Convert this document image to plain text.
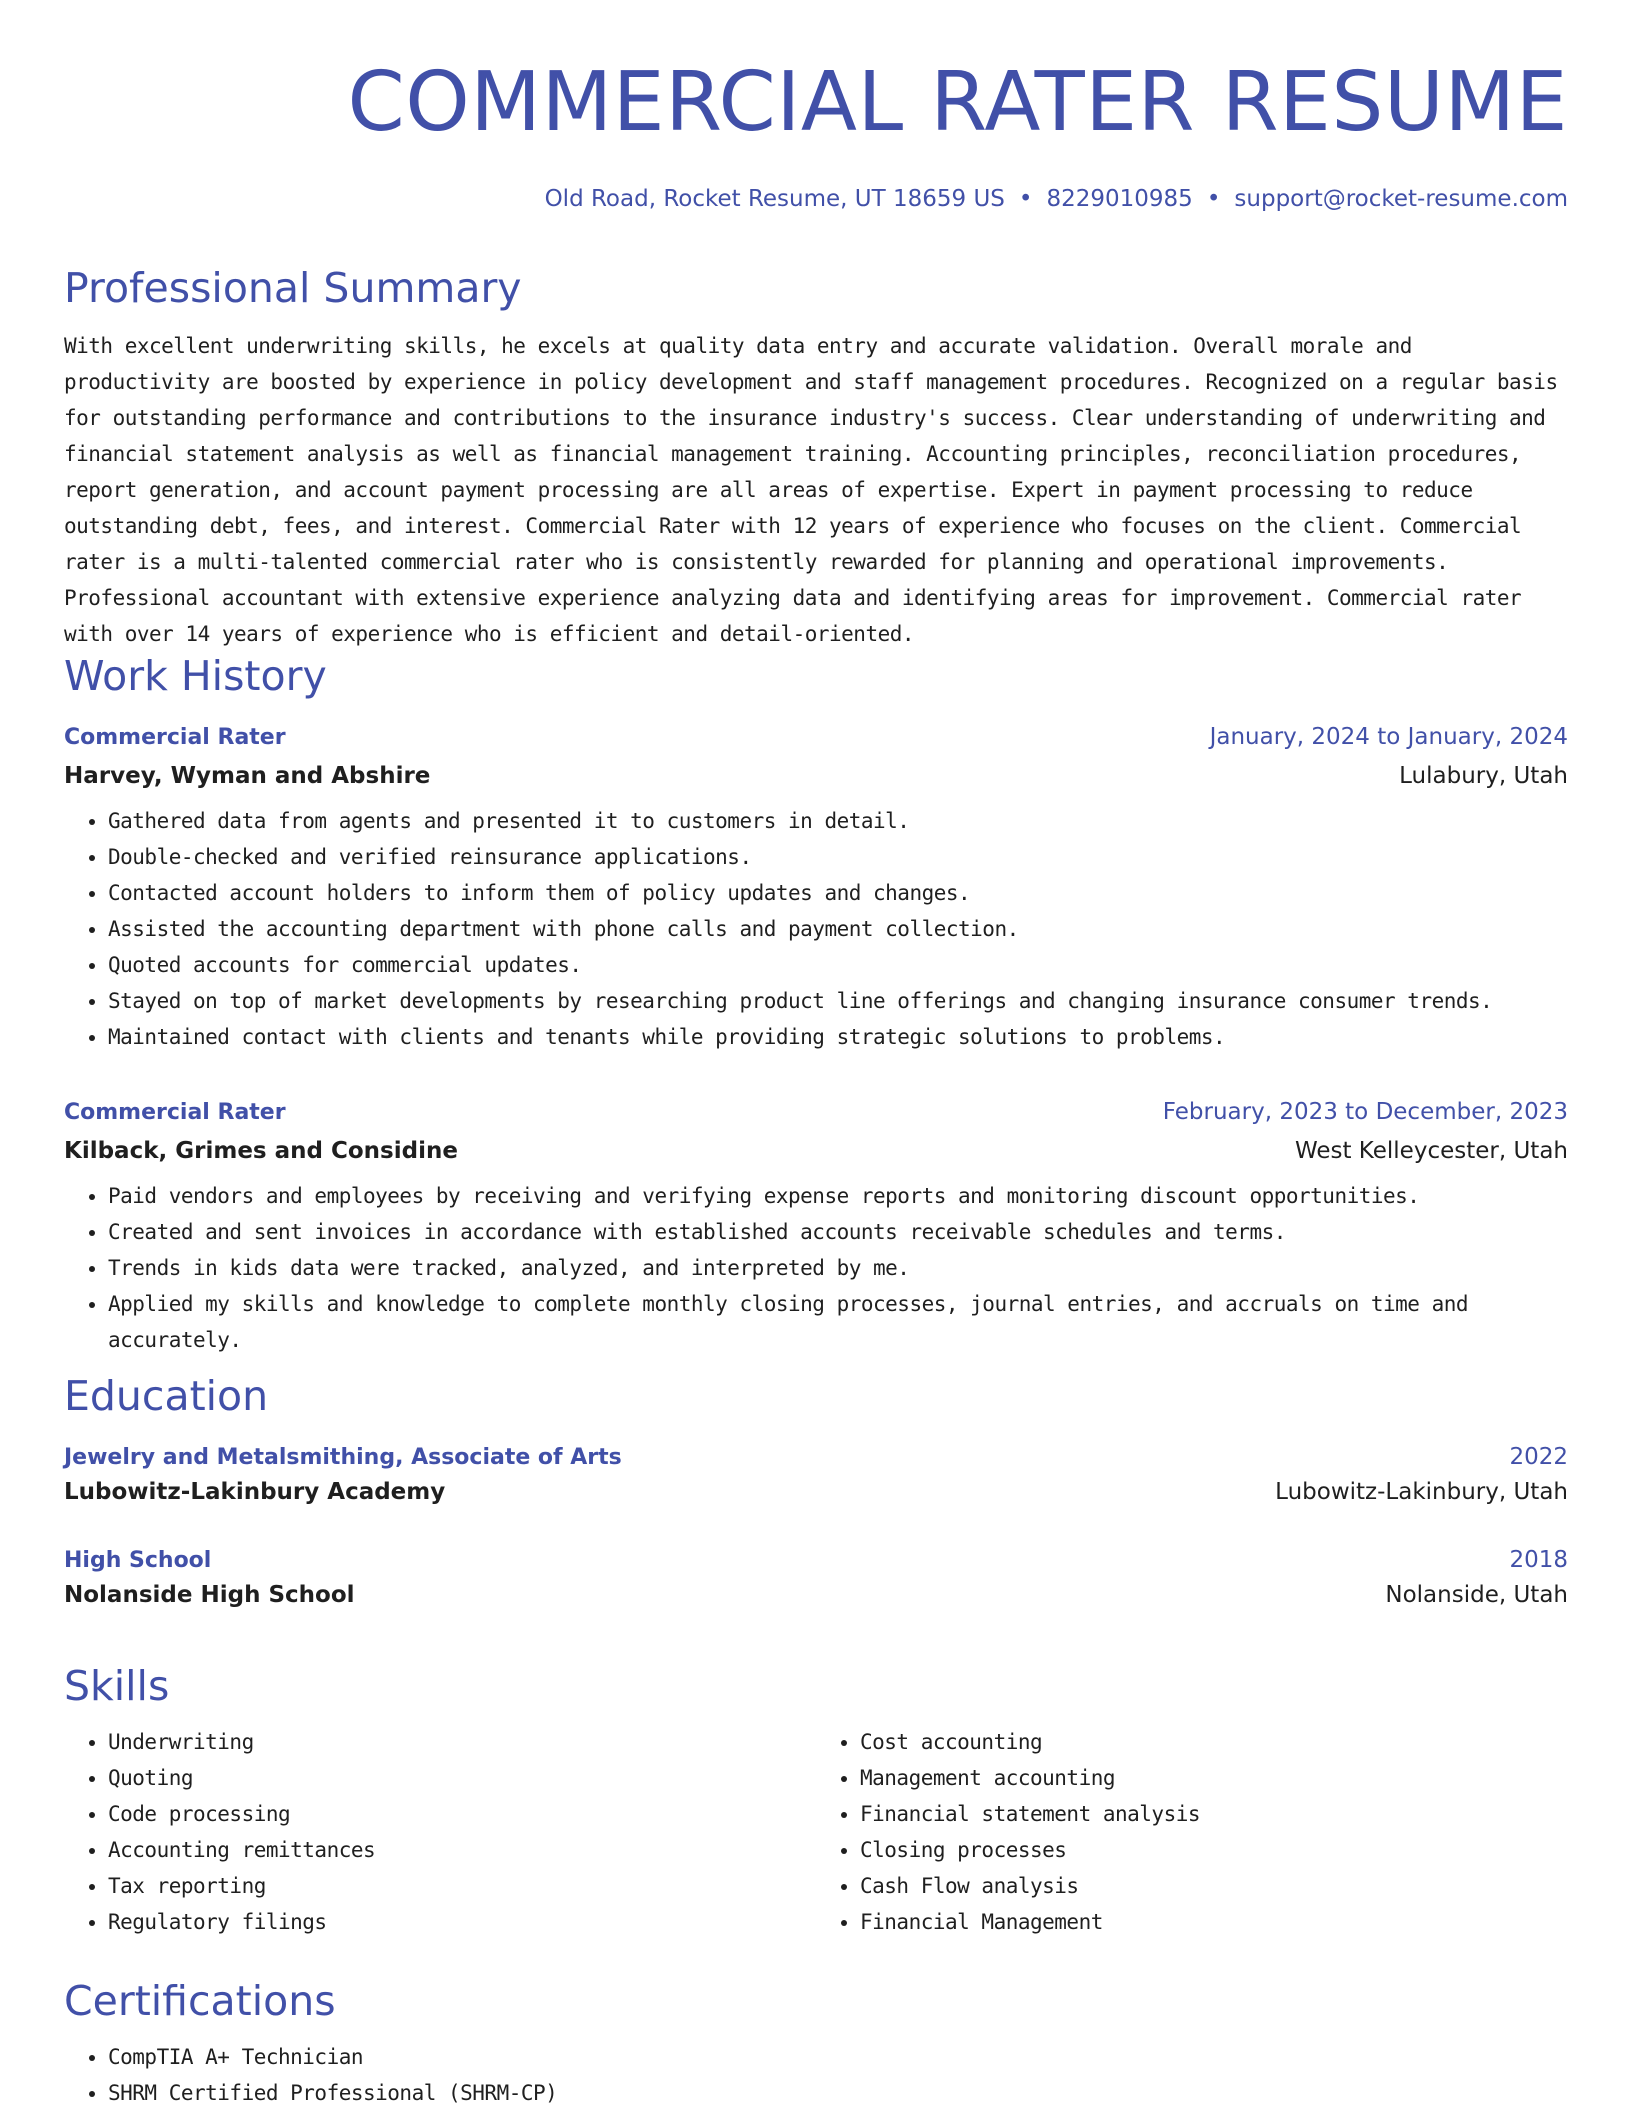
COMMERCIAL RATER RESUME
Old Road, Rocket Resume, UT 18659 US • 8229010985 • support@rocket-resume.com
Professional Summary
With excellent underwriting skills, he excels at quality data entry and accurate validation. Overall morale and productivity are boosted by experience in policy development and staff management procedures. Recognized on a regular basis for outstanding performance and contributions to the insurance industry's success. Clear understanding of underwriting and financial statement analysis as well as financial management training. Accounting principles, reconciliation procedures, report generation, and account payment processing are all areas of expertise. Expert in payment processing to reduce outstanding debt, fees, and interest. Commercial Rater with 12 years of experience who focuses on the client. Commercial rater is a multi-talented commercial rater who is consistently rewarded for planning and operational improvements. Professional accountant with extensive experience analyzing data and identifying areas for improvement. Commercial rater with over 14 years of experience who is efficient and detail-oriented.
Work History
Commercial Rater	January, 2024 to January, 2024
Harvey, Wyman and Abshire	Lulabury, Utah
• Gathered data from agents and presented it to customers in detail.
• Double-checked and verified reinsurance applications.
• Contacted account holders to inform them of policy updates and changes.
• Assisted the accounting department with phone calls and payment collection.
• Quoted accounts for commercial updates.
• Stayed on top of market developments by researching product line offerings and changing insurance consumer trends.
• Maintained contact with clients and tenants while providing strategic solutions to problems.
Commercial Rater	February, 2023 to December, 2023
Kilback, Grimes and Considine	West Kelleycester, Utah
• Paid vendors and employees by receiving and verifying expense reports and monitoring discount opportunities.
• Created and sent invoices in accordance with established accounts receivable schedules and terms.
• Trends in kids data were tracked, analyzed, and interpreted by me.
• Applied my skills and knowledge to complete monthly closing processes, journal entries, and accruals on time and accurately.
Education
Jewelry and Metalsmithing, Associate of Arts	2022
Lubowitz-Lakinbury Academy	Lubowitz-Lakinbury, Utah
High School	2018
Nolanside High School	Nolanside, Utah
Skills
• Underwriting
• Quoting
• Code processing
• Accounting remittances
• Tax reporting
• Regulatory filings
• Cost accounting
• Management accounting
• Financial statement analysis
• Closing processes
• Cash Flow analysis
• Financial Management
Certifications
• CompTIA A+ Technician
• SHRM Certified Professional (SHRM-CP)
